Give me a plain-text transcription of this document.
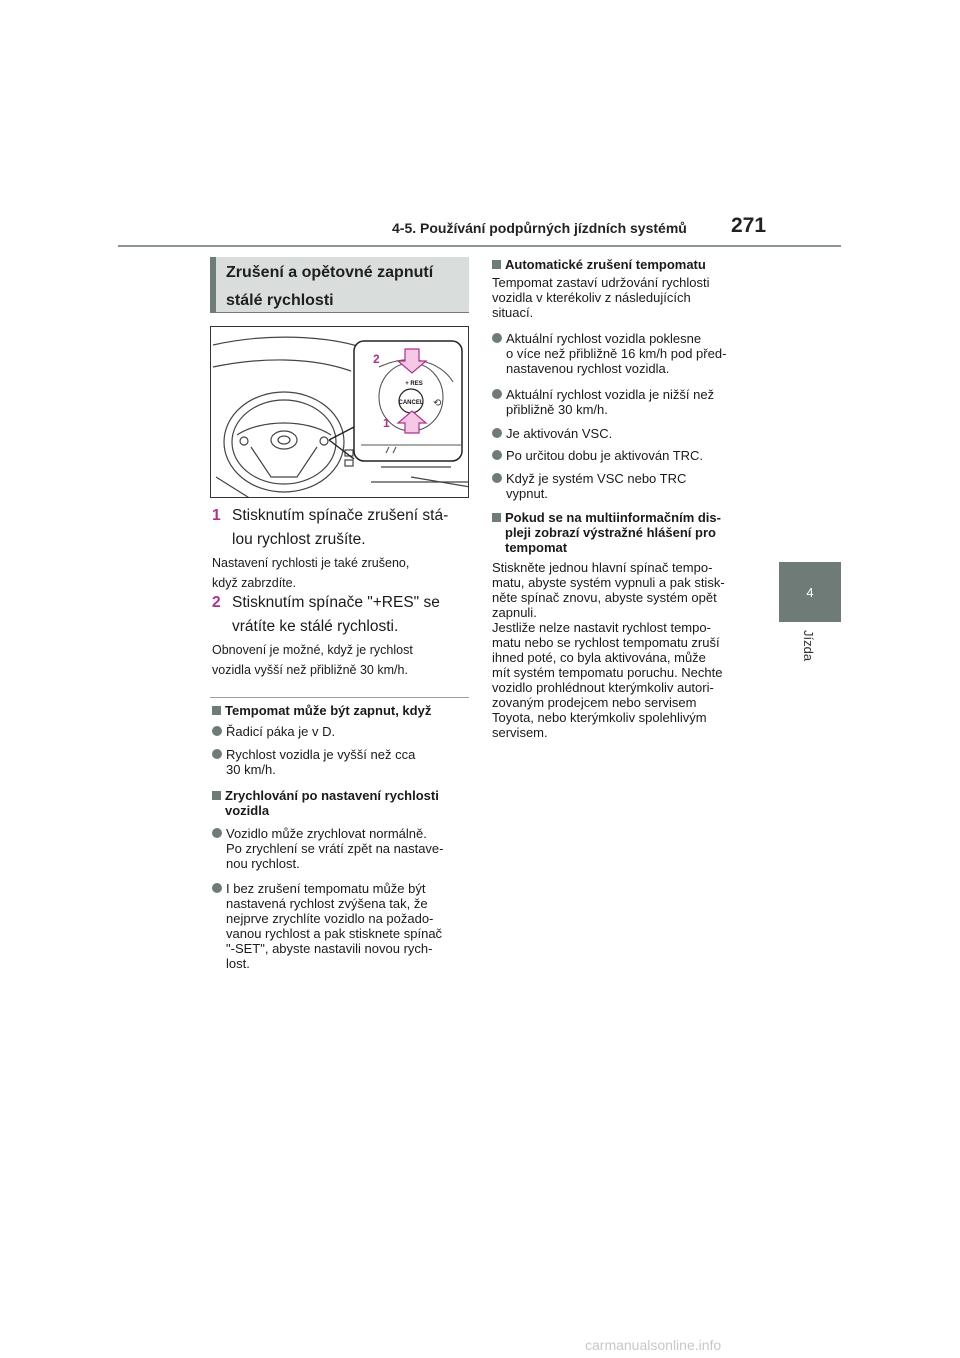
4-5. Používání podpůrných jízdních systémů 271
4
Jízda
Zrušení a opětovné zapnutí
stálé rychlosti
CANCEL
+ RES
⟲
2
1
1 Stisknutím spínače zrušení stá-
lou rychlost zrušíte.
Nastavení rychlosti je také zrušeno,
když zabrzdíte.
2 Stisknutím spínače "+RES" se
vrátíte ke stálé rychlosti.
Obnovení je možné, když je rychlost
vozidla vyšší než přibližně 30 km/h.
Tempomat může být zapnut, když
Řadicí páka je v D.
Rychlost vozidla je vyšší než cca
30 km/h.
Zrychlování po nastavení rychlosti
vozidla
Vozidlo může zrychlovat normálně.
Po zrychlení se vrátí zpět na nastave-
nou rychlost.
I bez zrušení tempomatu může být
nastavená rychlost zvýšena tak, že
nejprve zrychlíte vozidlo na požado-
vanou rychlost a pak stisknete spínač
"-SET", abyste nastavili novou rych-
lost.
Automatické zrušení tempomatu
Tempomat zastaví udržování rychlosti
vozidla v kterékoliv z následujících
situací.
Aktuální rychlost vozidla poklesne
o více než přibližně 16 km/h pod před-
nastavenou rychlost vozidla.
Aktuální rychlost vozidla je nižší než
přibližně 30 km/h.
Je aktivován VSC.
Po určitou dobu je aktivován TRC.
Když je systém VSC nebo TRC
vypnut.
Pokud se na multiinformačním dis-
pleji zobrazí výstražné hlášení pro
tempomat
Stiskněte jednou hlavní spínač tempo-
matu, abyste systém vypnuli a pak stisk-
něte spínač znovu, abyste systém opět
zapnuli.
Jestliže nelze nastavit rychlost tempo-
matu nebo se rychlost tempomatu zruší
ihned poté, co byla aktivována, může
mít systém tempomatu poruchu. Nechte
vozidlo prohlédnout kterýmkoliv autori-
zovaným prodejcem nebo servisem
Toyota, nebo kterýmkoliv spolehlivým
servisem.
carmanualsonline.info
